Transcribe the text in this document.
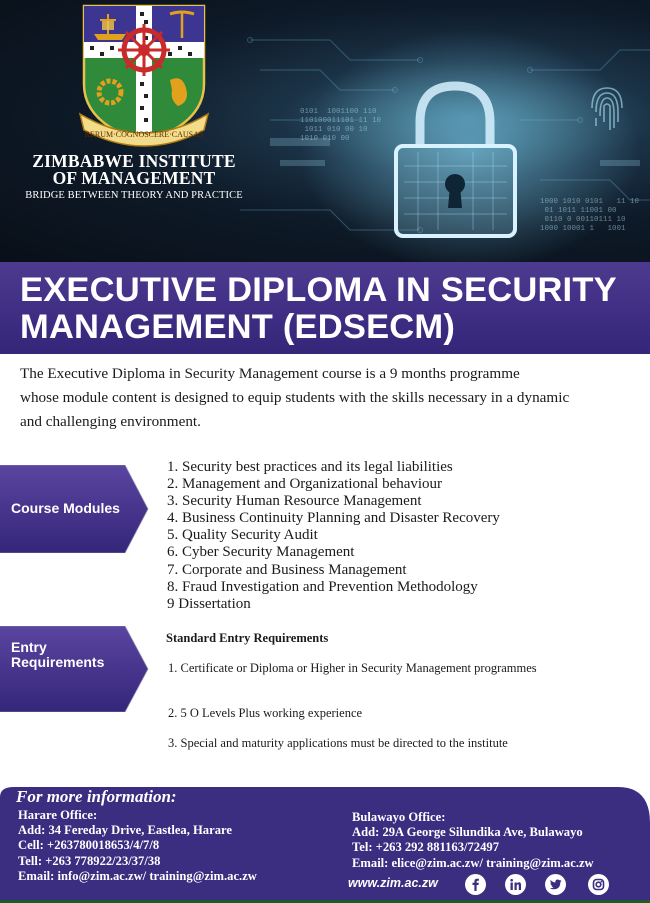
0101  1001100 110
110100011101 11 10
1011 010 00 10
1010 010 00
1000 1010 0101   11 10
01 1011 11001 00
0110 0 00110111 10
1000 10001 1   1001
RERUM·COGNOSCERE·CAUSAS
ZIMBABWE INSTITUTE
OF MANAGEMENT
BRIDGE BETWEEN THEORY AND PRACTICE
EXECUTIVE DIPLOMA IN SECURITY
MANAGEMENT (EDSECM)
The Executive Diploma in Security Management course is a 9 months programme
whose module content is designed to equip students with the skills necessary in a dynamic
and challenging environment.
Course Modules
1. Security best practices and its legal liabilities
2. Management and Organizational behaviour
3. Security Human Resource Management
4. Business Continuity Planning and Disaster Recovery
5. Quality Security Audit
6. Cyber Security Management
7. Corporate and Business Management
8. Fraud Investigation and Prevention Methodology
9 Dissertation
Entry
Requirements
Standard Entry Requirements
1. Certificate or Diploma or Higher in Security Management programmes
2. 5 O Levels Plus working experience
3. Special and maturity applications must be directed to the institute
For more information:
Harare Office:
Add: 34 Fereday Drive, Eastlea, Harare
Cell: +263780018653/4/7/8
Tell: +263 778922/23/37/38
Email: info@zim.ac.zw/ training@zim.ac.zw
Bulawayo Office:
Add: 29A George Silundika Ave, Bulawayo
Tel: +263 292 881163/72497
Email: elice@zim.ac.zw/ training@zim.ac.zw
www.zim.ac.zw
